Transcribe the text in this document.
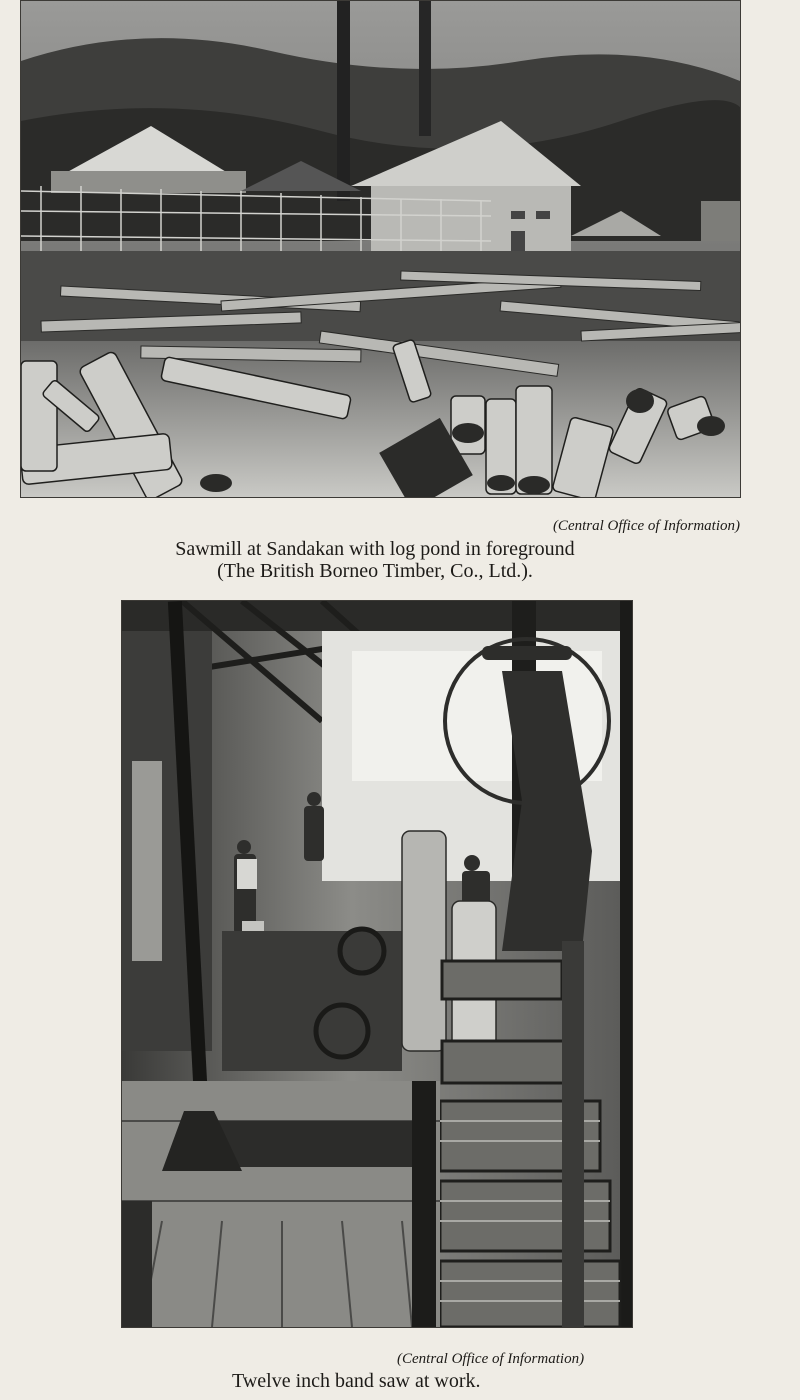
(Central Office of Information)
Sawmill at Sandakan with log pond in foreground
(The British Borneo Timber, Co., Ltd.).
(Central Office of Information)
Twelve inch band saw at work.
